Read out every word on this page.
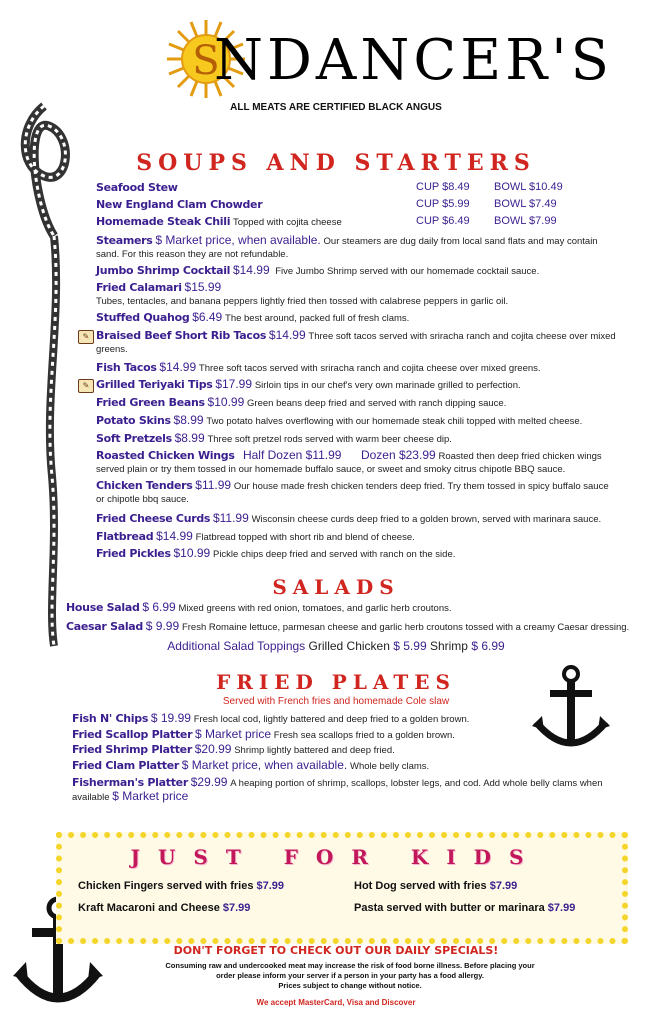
S
NDANCER'S
ALL MEATS ARE CERTIFIED BLACK ANGUS
SOUPS AND STARTERS
Seafood Stew	CUP $8.49 BOWL $10.49
New England Clam Chowder	CUP $5.99 BOWL $7.49
Homemade Steak Chili Topped with cojita cheese	CUP $6.49 BOWL $7.99
Steamers $ Market price, when available. Our steamers are dug daily from local sand flats and may contain sand. For this reason they are not refundable.
Jumbo Shrimp Cocktail $14.99 Five Jumbo Shrimp served with our homemade cocktail sauce.
Fried Calamari $15.99
Tubes, tentacles, and banana peppers lightly fried then tossed with calabrese peppers in garlic oil.
Stuffed Quahog $6.49 The best around, packed full of fresh clams.
✎ Braised Beef Short Rib Tacos $14.99 Three soft tacos served with sriracha ranch and cojita cheese over mixed greens.
Fish Tacos $14.99 Three soft tacos served with sriracha ranch and cojita cheese over mixed greens.
✎ Grilled Teriyaki Tips $17.99 Sirloin tips in our chef's very own marinade grilled to perfection.
Fried Green Beans $10.99 Green beans deep fried and served with ranch dipping sauce.
Potato Skins $8.99 Two potato halves overflowing with our homemade steak chili topped with melted cheese.
Soft Pretzels $8.99 Three soft pretzel rods served with warm beer cheese dip.
Roasted Chicken Wings Half Dozen $11.99 Dozen $23.99 Roasted then deep fried chicken wings served plain or try them tossed in our homemade buffalo sauce, or sweet and smoky citrus chipotle BBQ sauce.
Chicken Tenders $11.99 Our house made fresh chicken tenders deep fried. Try them tossed in spicy buffalo sauce or chipotle bbq sauce.
Fried Cheese Curds $11.99 Wisconsin cheese curds deep fried to a golden brown, served with marinara sauce.
Flatbread $14.99 Flatbread topped with short rib and blend of cheese.
Fried Pickles $10.99 Pickle chips deep fried and served with ranch on the side.
SALADS
House Salad $ 6.99 Mixed greens with red onion, tomatoes, and garlic herb croutons.
Caesar Salad $ 9.99 Fresh Romaine lettuce, parmesan cheese and garlic herb croutons tossed with a creamy Caesar dressing.
Additional Salad Toppings Grilled Chicken $ 5.99 Shrimp $ 6.99
FRIED PLATES
Served with French fries and homemade Cole slaw
Fish N' Chips $ 19.99 Fresh local cod, lightly battered and deep fried to a golden brown.
Fried Scallop Platter $ Market price Fresh sea scallops fried to a golden brown.
Fried Shrimp Platter $20.99 Shrimp lightly battered and deep fried.
Fried Clam Platter $ Market price, when available. Whole belly clams.
Fisherman's Platter $29.99 A heaping portion of shrimp, scallops, lobster legs, and cod. Add whole belly clams when available $ Market price
JUST FOR KIDS
Chicken Fingers served with fries $7.99	Hot Dog served with fries $7.99
Kraft Macaroni and Cheese $7.99	Pasta served with butter or marinara $7.99
DON'T FORGET TO CHECK OUT OUR DAILY SPECIALS!
Consuming raw and undercooked meat may increase the risk of food borne illness. Before placing your
order please inform your server if a person in your party has a food allergy.
Prices subject to change without notice.
We accept MasterCard, Visa and Discover
